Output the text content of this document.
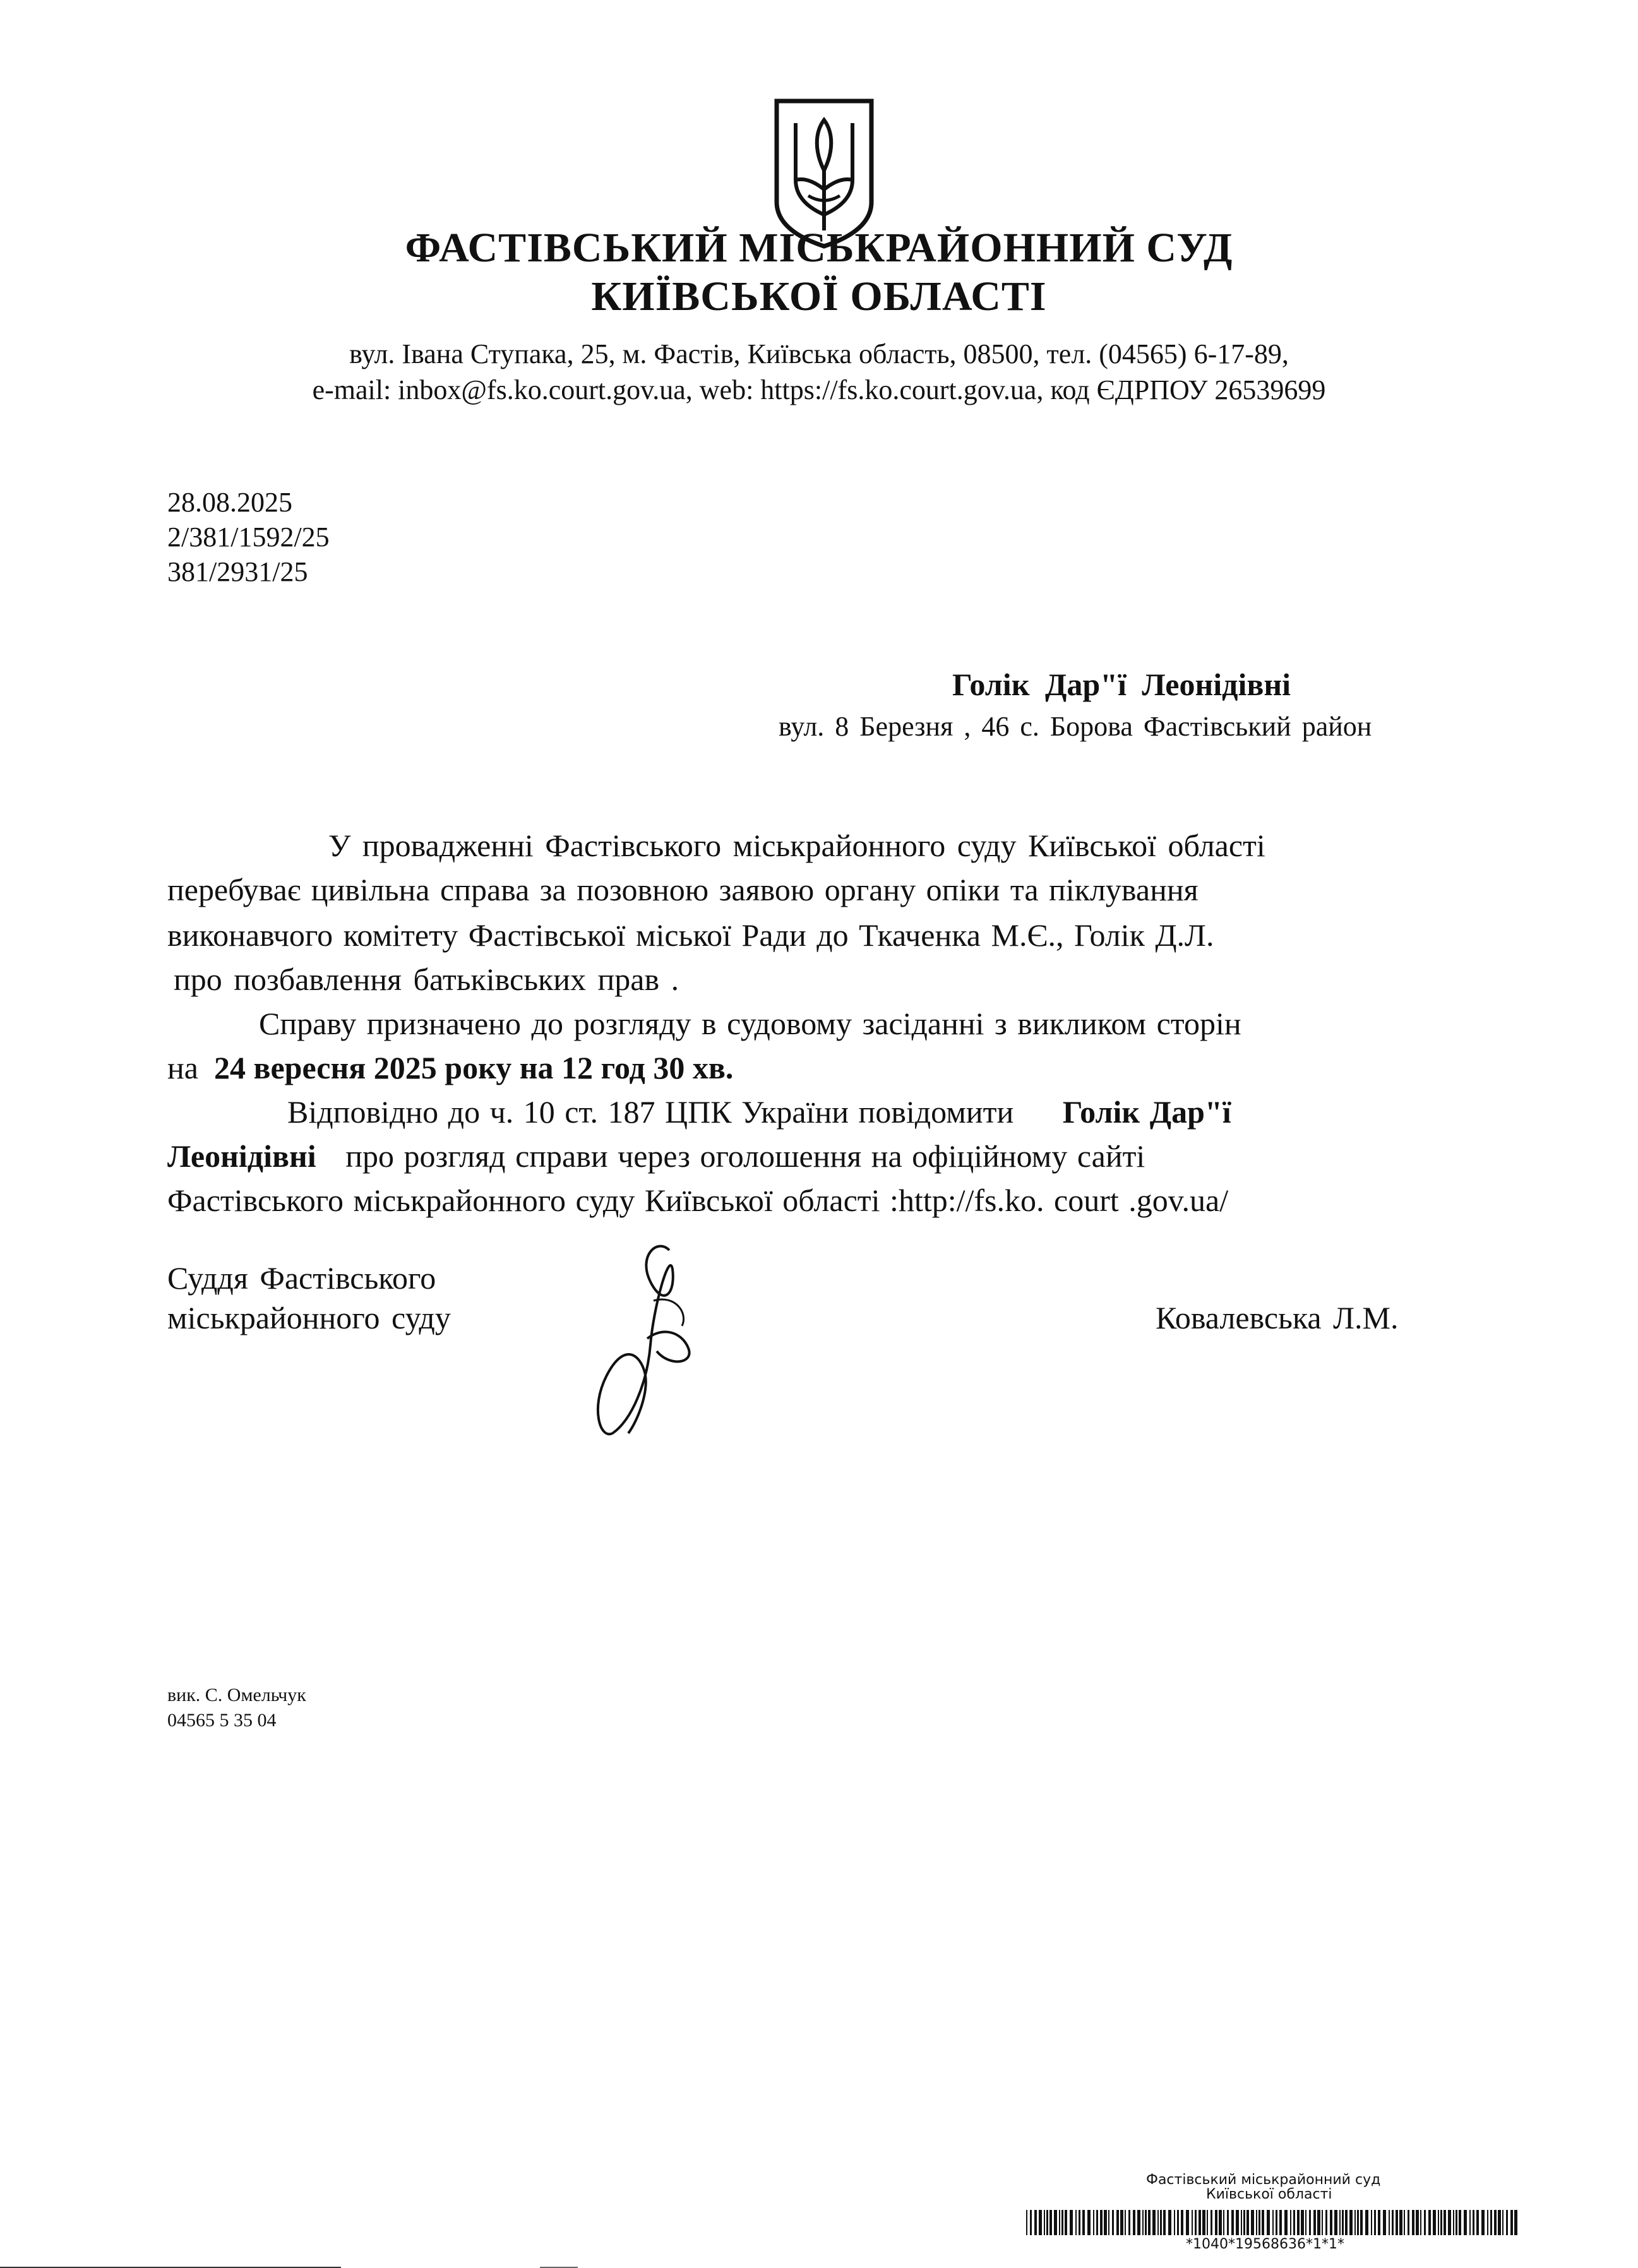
ФАСТІВСЬКИЙ МІСЬКРАЙОННИЙ СУД
КИЇВСЬКОЇ ОБЛАСТІ
вул. Івана Ступака, 25, м. Фастів, Київська область, 08500, тел. (04565) 6-17-89,
e-mail: inbox@fs.ko.court.gov.ua, web: https://fs.ko.court.gov.ua, код ЄДРПОУ 26539699
28.08.2025
2/381/1592/25
381/2931/25
Голік Дар"ї Леонідівні
вул. 8 Березня , 46 с. Борова Фастівський район
У провадженні Фастівського міськрайонного суду Київської області
перебуває цивільна справа за позовною заявою органу опіки та піклування
виконавчого комітету Фастівської міської Ради до Ткаченка М.Є., Голік Д.Л.
про позбавлення батьківських прав .
Справу призначено до розгляду в судовому засіданні з викликом сторін
на 24 вересня 2025 року на 12 год 30 хв.
Відповідно до ч. 10 ст. 187 ЦПК України повідомити Голік Дар"ї
Леонідівні про розгляд справи через оголошення на офіційному сайті
Фастівського міськрайонного суду Київської області :http://fs.ko. court .gov.ua/
Суддя Фастівського
міськрайонного суду	Ковалевська Л.М.
вик. С. Омельчук
04565 5 35 04
Фастівський міськрайонний суд
Київської області
*1040*19568636*1*1*
